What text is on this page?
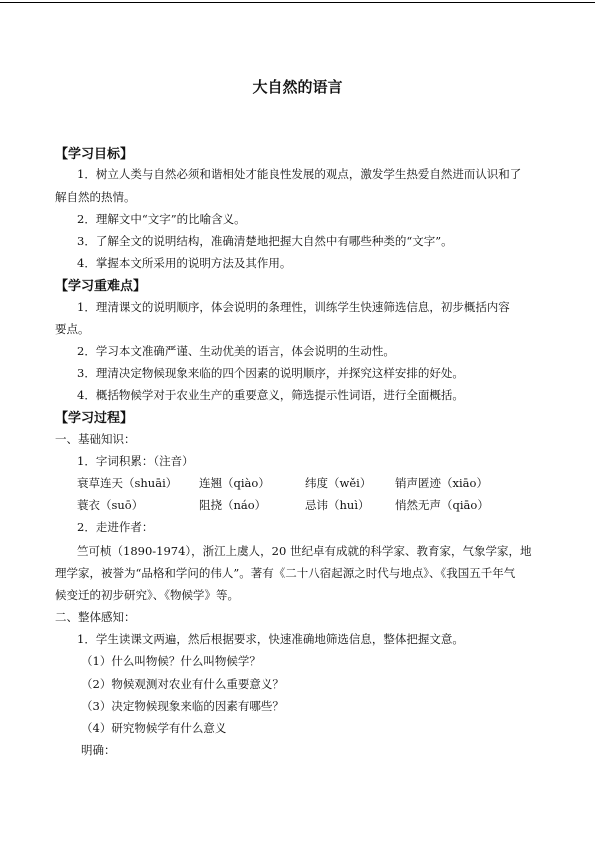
大自然的语言
【学习目标】
1．树立人类与自然必须和谐相处才能良性发展的观点，激发学生热爱自然进而认识和了
解自然的热情。
2．理解文中“文字”的比喻含义。
3．了解全文的说明结构，准确清楚地把握大自然中有哪些种类的“文字”。
4．掌握本文所采用的说明方法及其作用。
【学习重难点】
1．理清课文的说明顺序，体会说明的条理性，训练学生快速筛选信息，初步概括内容
要点。
2．学习本文准确严谨、生动优美的语言，体会说明的生动性。
3．理清决定物候现象来临的四个因素的说明顺序，并探究这样安排的好处。
4．概括物候学对于农业生产的重要意义，筛选提示性词语，进行全面概括。
【学习过程】
一、基础知识：
1．字词积累：（注音）
衰草连天（shuāi） 连翘（qiào）	纬度（wěi） 销声匿迹（xiāo）
蓑衣（suō）	阻挠（náo）	忌讳（huì） 悄然无声（qiāo）
2．走进作者：
竺可桢（1890-1974），浙江上虞人，20 世纪卓有成就的科学家、教育家，气象学家，地
理学家，被誉为“品格和学问的伟人”。著有《二十八宿起源之时代与地点》、《我国五千年气
候变迁的初步研究》、《物候学》等。
二、整体感知：
1．学生读课文两遍，然后根据要求，快速准确地筛选信息，整体把握文意。
（1）什么叫物候？什么叫物候学？
（2）物候观测对农业有什么重要意义？
（3）决定物候现象来临的因素有哪些？
（4）研究物候学有什么意义
明确：
